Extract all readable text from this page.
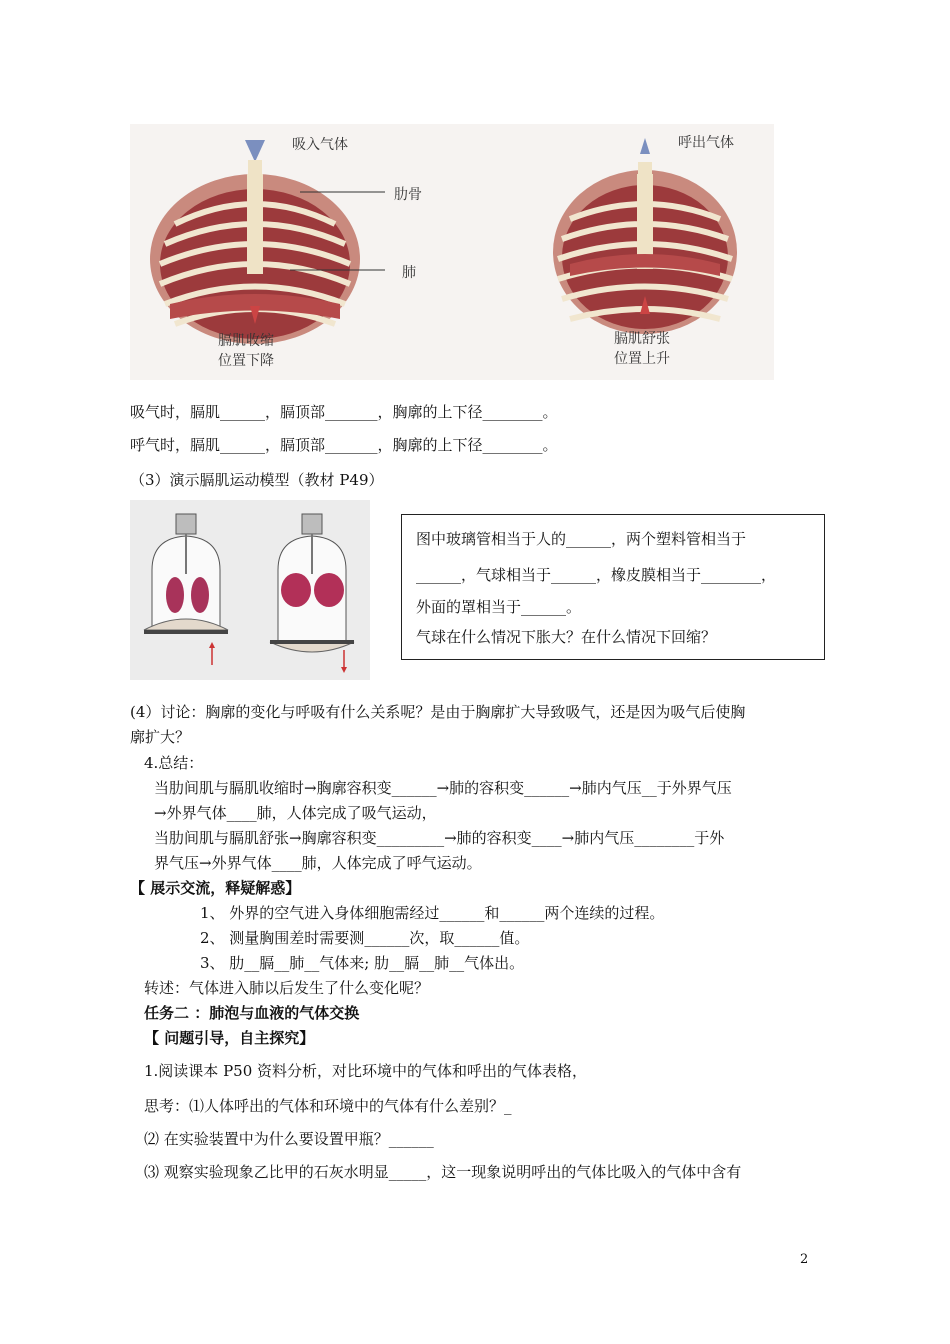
吸入气体	呼出气体
肋骨
肺
膈肌收缩
位置下降
膈肌舒张
位置上升
吸气时，膈肌______，膈顶部_______，胸廓的上下径________。
呼气时，膈肌______，膈顶部_______，胸廓的上下径________。
（3）演示膈肌运动模型（教材 P49）
图中玻璃管相当于人的______，两个塑料管相当于
______，气球相当于______，橡皮膜相当于________，
外面的罩相当于______。
气球在什么情况下胀大？在什么情况下回缩？
(4）讨论：胸廓的变化与呼吸有什么关系呢？是由于胸廓扩大导致吸气，还是因为吸气后使胸
廓扩大？
4.总结：
当肋间肌与膈肌收缩时→胸廓容积变______→肺的容积变______→肺内气压__于外界气压
→外界气体____肺，人体完成了吸气运动，
当肋间肌与膈肌舒张→胸廓容积变_________→肺的容积变____→肺内气压________于外
界气压→外界气体____肺，人体完成了呼气运动。
【 展示交流，释疑解惑】
1、 外界的空气进入身体细胞需经过______和______两个连续的过程。
2、 测量胸围差时需要测______次，取______值。
3、 肋__膈__肺__气体来; 肋__膈__肺__气体出。
转述：气体进入肺以后发生了什么变化呢？
任务二 ：肺泡与血液的气体交换
【 问题引导，自主探究】
1.阅读课本 P50 资料分析，对比环境中的气体和呼出的气体表格，
思考：⑴人体呼出的气体和环境中的气体有什么差别？_
⑵ 在实验装置中为什么要设置甲瓶？______
⑶ 观察实验现象乙比甲的石灰水明显_____，这一现象说明呼出的气体比吸入的气体中含有
2
